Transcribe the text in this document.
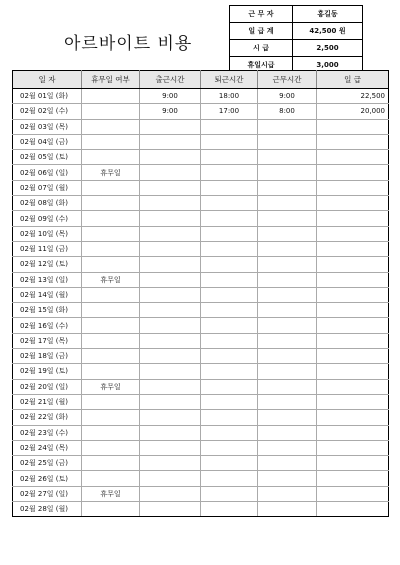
아르바이트 비용
근 무 자	홍길동
일 급 계	42,500 원
시 급	2,500
휴일시급	3,000
일 자	휴무일 여부	출근시간	퇴근시간	근무시간	일 급
02월 01일 (화)		9:00	18:00	9:00	22,500
02월 02일 (수)		9:00	17:00	8:00	20,000
02월 03일 (목)					
02월 04일 (금)					
02월 05일 (토)					
02월 06일 (일)	휴무일				
02월 07일 (월)					
02월 08일 (화)					
02월 09일 (수)					
02월 10일 (목)					
02월 11일 (금)					
02월 12일 (토)					
02월 13일 (일)	휴무일				
02월 14일 (월)					
02월 15일 (화)					
02월 16일 (수)					
02월 17일 (목)					
02월 18일 (금)					
02월 19일 (토)					
02월 20일 (일)	휴무일				
02월 21일 (월)					
02월 22일 (화)					
02월 23일 (수)					
02월 24일 (목)					
02월 25일 (금)					
02월 26일 (토)					
02월 27일 (일)	휴무일				
02월 28일 (월)					
